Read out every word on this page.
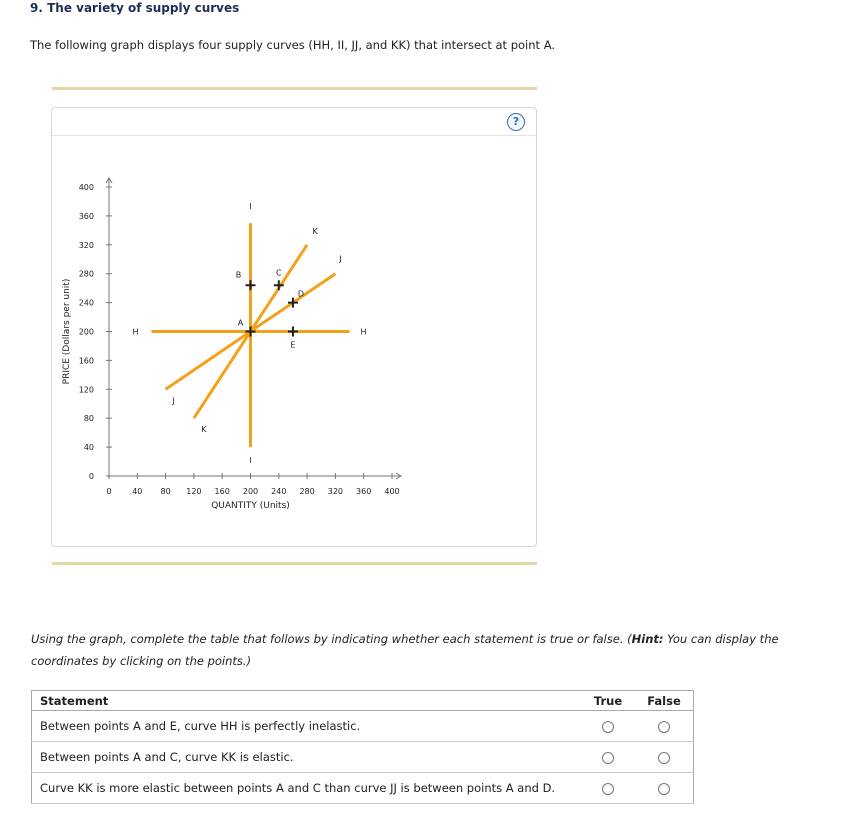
9. The variety of supply curves
The following graph displays four supply curves (HH, II, JJ, and KK) that intersect at point A.
?
0
40
80
120
160
200
240
280
320
360
400
0	40 80 120 160 200 240 280 320 360 400
QUANTITY (Units)
PRICE (Dollars per unit)	H	H
I
I
J
J
K
K
A
B	C
D
E
Using the graph, complete the table that follows by indicating whether each statement is true or false. (Hint: You can display the coordinates by clicking on the points.)
Statement	True	False
Between points A and E, curve HH is perfectly inelastic.		
Between points A and C, curve KK is elastic.		
Curve KK is more elastic between points A and C than curve JJ is between points A and D.		
